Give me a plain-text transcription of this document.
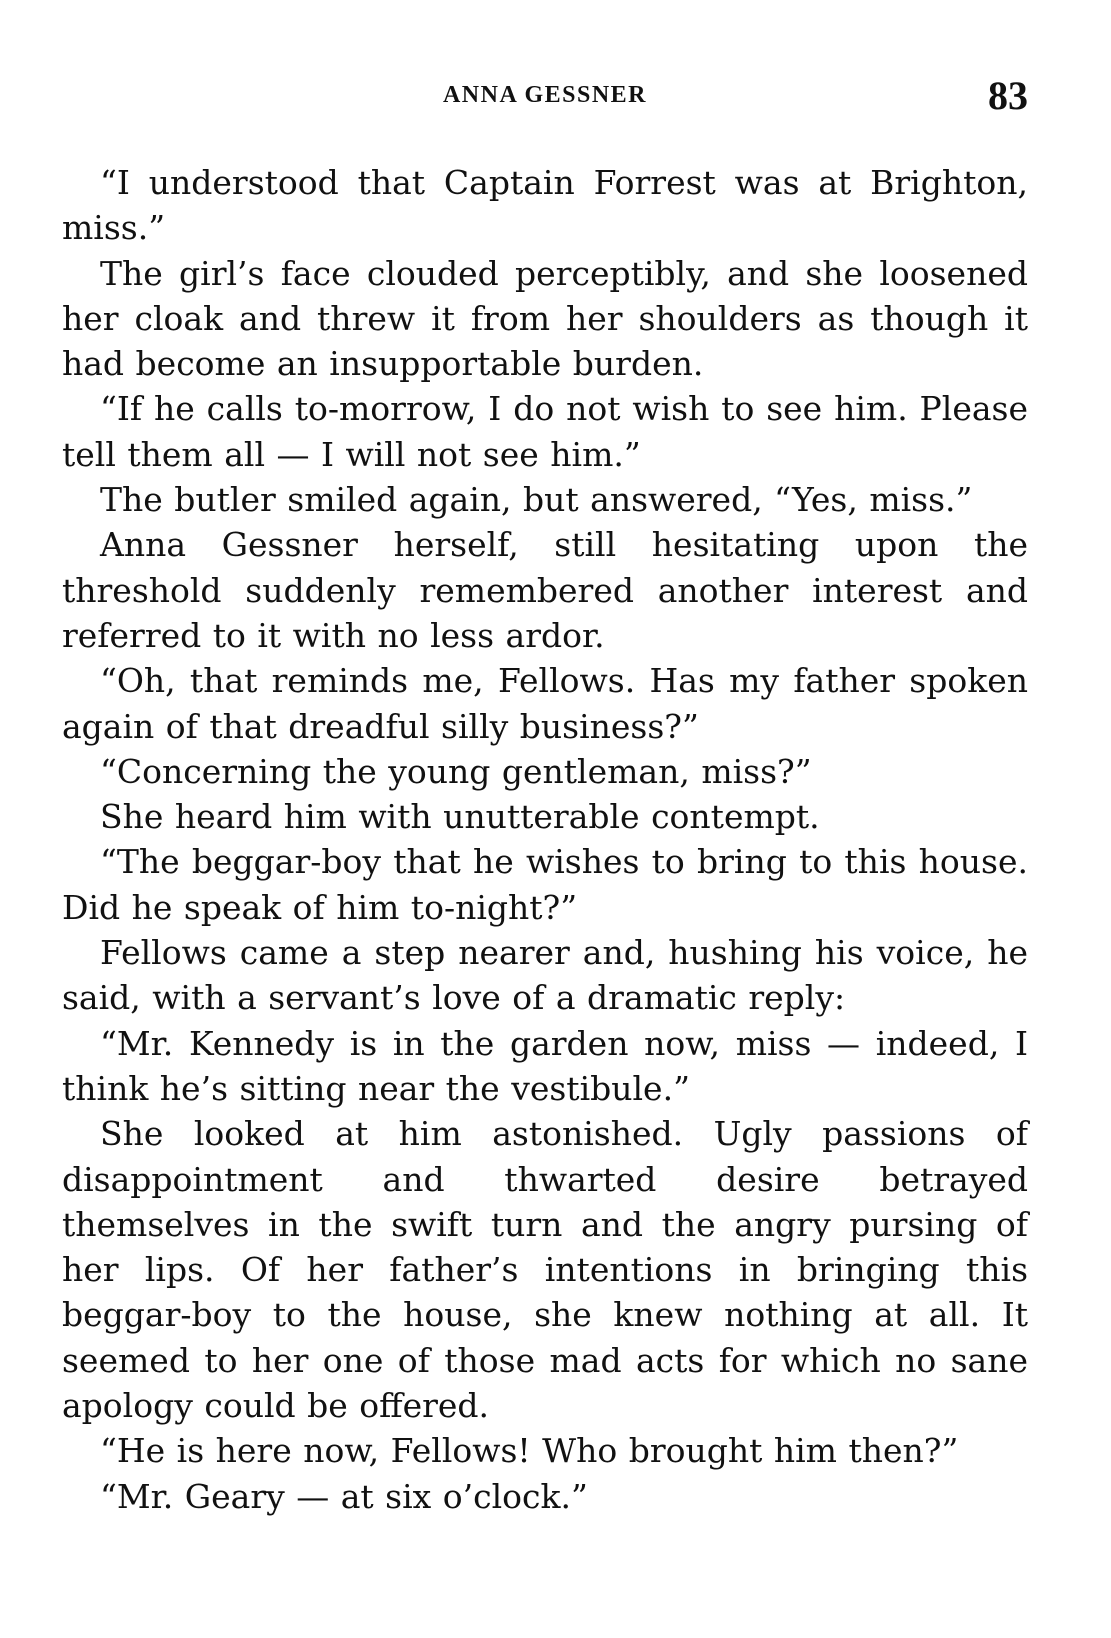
ANNA GESSNER	83

“I understood that Captain Forrest was at Brighton, miss.”

The girl’s face clouded perceptibly, and she loosened her cloak and threw it from her shoulders as though it had become an insupportable burden.

“If he calls to-morrow, I do not wish to see him. Please tell them all — I will not see him.”

The butler smiled again, but answered, “Yes, miss.”

Anna Gessner herself, still hesitating upon the threshold suddenly remembered another interest and referred to it with no less ardor.

“Oh, that reminds me, Fellows. Has my father spoken again of that dreadful silly business?”

“Concerning the young gentleman, miss?”

She heard him with unutterable contempt.

“The beggar-boy that he wishes to bring to this house. Did he speak of him to-night?”

Fellows came a step nearer and, hushing his voice, he said, with a servant’s love of a dramatic reply:

“Mr. Kennedy is in the garden now, miss — indeed, I think he’s sitting near the vestibule.”

She looked at him astonished. Ugly passions of disappointment and thwarted desire betrayed themselves in the swift turn and the angry pursing of her lips. Of her father’s intentions in bringing this beggar-boy to the house, she knew nothing at all. It seemed to her one of those mad acts for which no sane apology could be offered.

“He is here now, Fellows! Who brought him then?”

“Mr. Geary — at six o’clock.”
